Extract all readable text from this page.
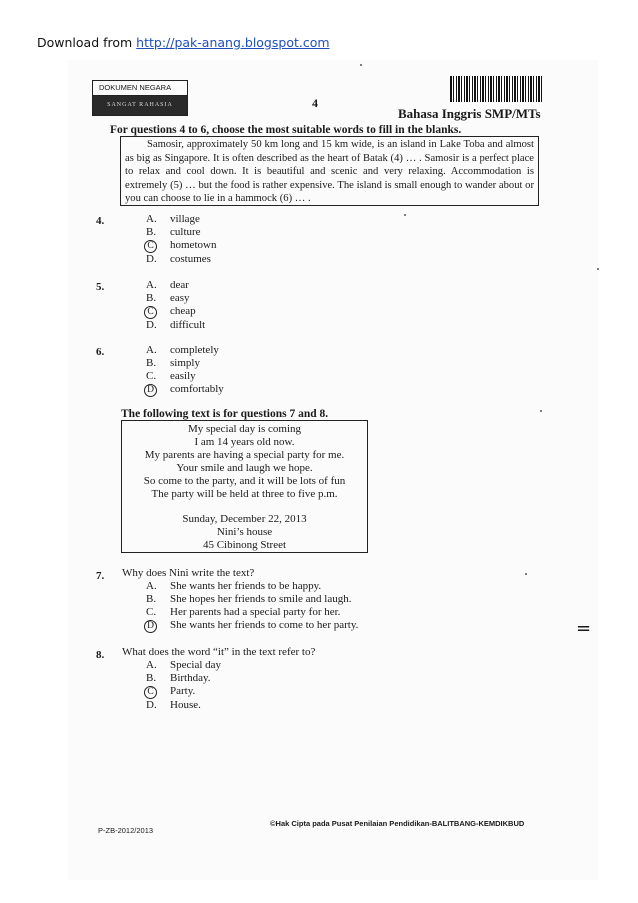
Download from http://pak-anang.blogspot.com
DOKUMEN NEGARA
SANGAT RAHASIA	4
Bahasa Inggris SMP/MTs
For questions 4 to 6, choose the most suitable words to fill in the blanks.

Samosir, approximately 50 km long and 15 km wide, is an island in Lake Toba and almost as big as Singapore. It is often described as the heart of Batak (4) … . Samosir is a perfect place to relax and cool down. It is beautiful and scenic and very relaxing. Accommodation is extremely (5) … but the food is rather expensive. The island is small enough to wander about or you can choose to lie in a hammock (6) … .

4.	A. village
B. culture
C hometown
D. costumes
5.	A. dear
B. easy
C cheap
D. difficult
6.	A. completely
B. simply
C. easily
D comfortably
The following text is for questions 7 and 8.
My special day is coming
I am 14 years old now.
My parents are having a special party for me.
Your smile and laugh we hope.
So come to the party, and it will be lots of fun
The party will be held at three to five p.m.
Sunday, December 22, 2013
Nini’s house
45 Cibinong Street
7. Why does Nini write the text?
A. She wants her friends to be happy.
B. She hopes her friends to smile and laugh.
C. Her parents had a special party for her.
D She wants her friends to come to her party.
8. What does the word “it” in the text refer to?
A. Special day
B. Birthday.
C Party.
D. House.
=
P-ZB-2012/2013
©Hak Cipta pada Pusat Penilaian Pendidikan-BALITBANG-KEMDIKBUD
